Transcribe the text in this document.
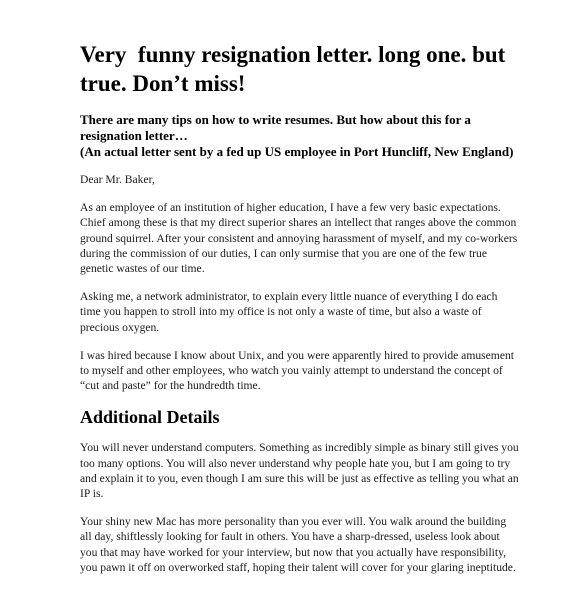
Very  funny resignation letter. long one. but true. Don’t miss!
There are many tips on how to write resumes. But how about this for a resignation letter…
(An actual letter sent by a fed up US employee in Port Huncliff, New England)

Dear Mr. Baker,

As an employee of an institution of higher education, I have a few very basic expectations. Chief among these is that my direct superior shares an intellect that ranges above the common ground squirrel. After your consistent and annoying harassment of myself, and my co-workers during the commission of our duties, I can only surmise that you are one of the few true genetic wastes of our time.

Asking me, a network administrator, to explain every little nuance of everything I do each time you happen to stroll into my office is not only a waste of time, but also a waste of precious oxygen.

I was hired because I know about Unix, and you were apparently hired to provide amusement to myself and other employees, who watch you vainly attempt to understand the concept of “cut and paste” for the hundredth time.

Additional Details

You will never understand computers. Something as incredibly simple as binary still gives you too many options. You will also never understand why people hate you, but I am going to try and explain it to you, even though I am sure this will be just as effective as telling you what an IP is.

Your shiny new Mac has more personality than you ever will. You walk around the building all day, shiftlessly looking for fault in others. You have a sharp-dressed, useless look about you that may have worked for your interview, but now that you actually have responsibility, you pawn it off on overworked staff, hoping their talent will cover for your glaring ineptitude.
